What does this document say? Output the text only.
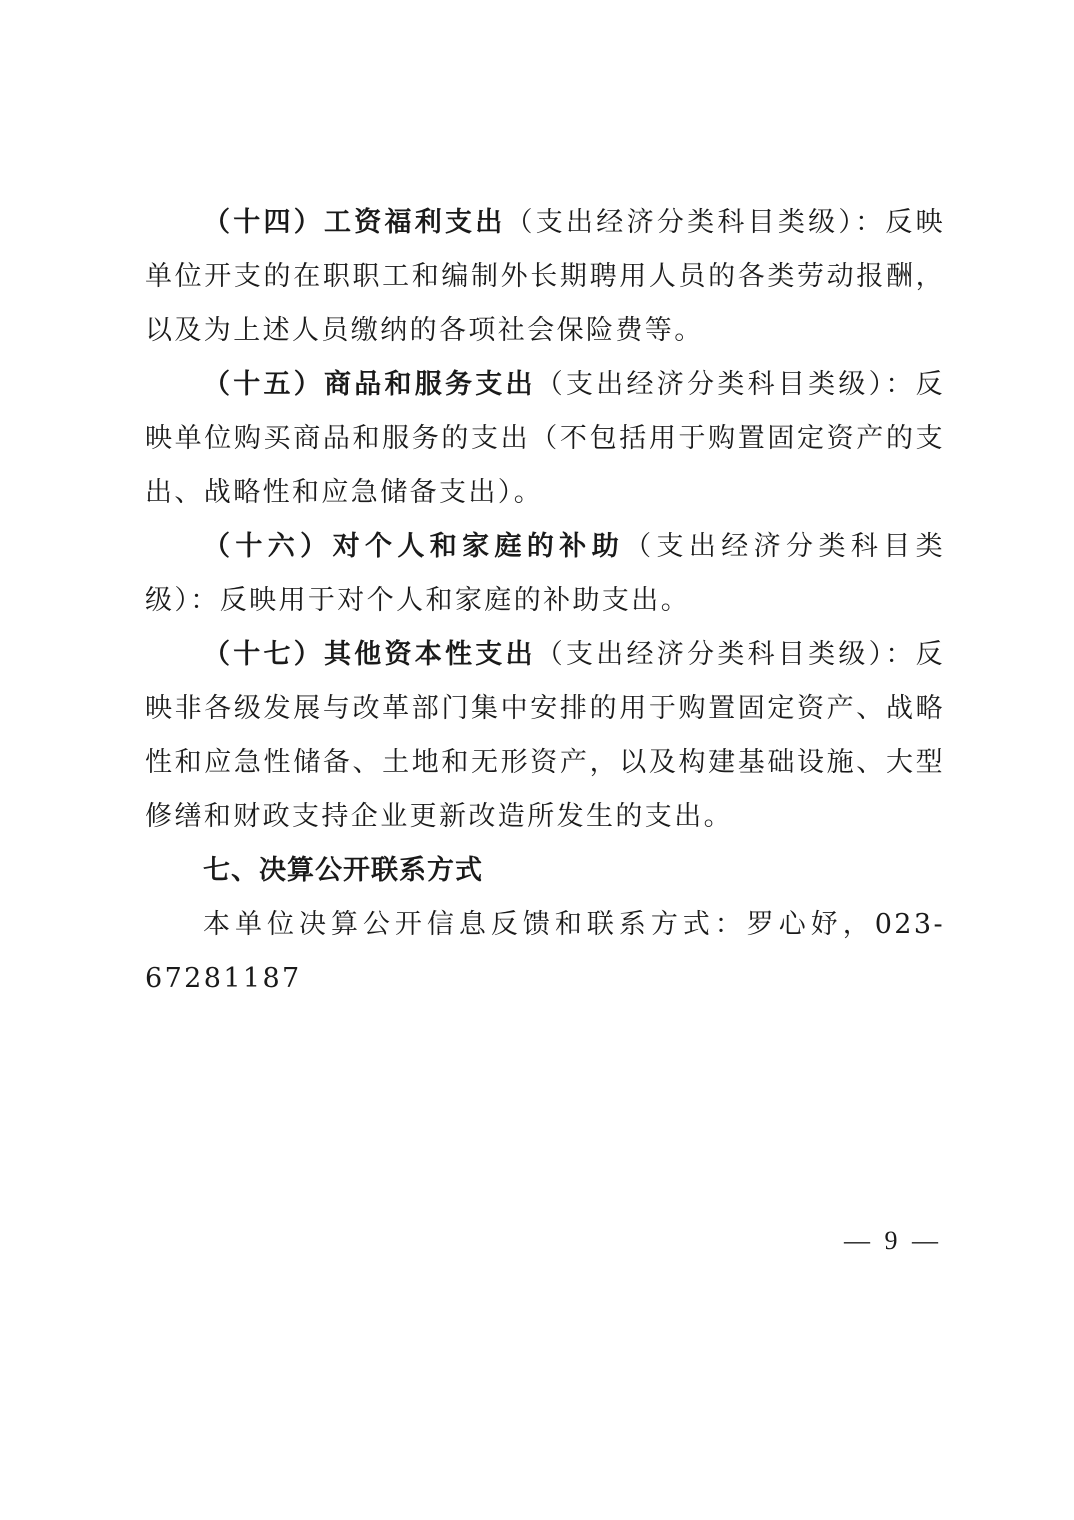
（十四）工资福利支出（支出经济分类科目类级）：反映单位开支的在职职工和编制外长期聘用人员的各类劳动报酬，以及为上述人员缴纳的各项社会保险费等。

（十五）商品和服务支出（支出经济分类科目类级）：反映单位购买商品和服务的支出（不包括用于购置固定资产的支出、战略性和应急储备支出）。

（十六）对个人和家庭的补助（支出经济分类科目类级）：反映用于对个人和家庭的补助支出。

（十七）其他资本性支出（支出经济分类科目类级）：反映非各级发展与改革部门集中安排的用于购置固定资产、战略性和应急性储备、土地和无形资产，以及构建基础设施、大型修缮和财政支持企业更新改造所发生的支出。

七、决算公开联系方式

本单位决算公开信息反馈和联系方式：罗心妤，023-67281187

— 9 —
